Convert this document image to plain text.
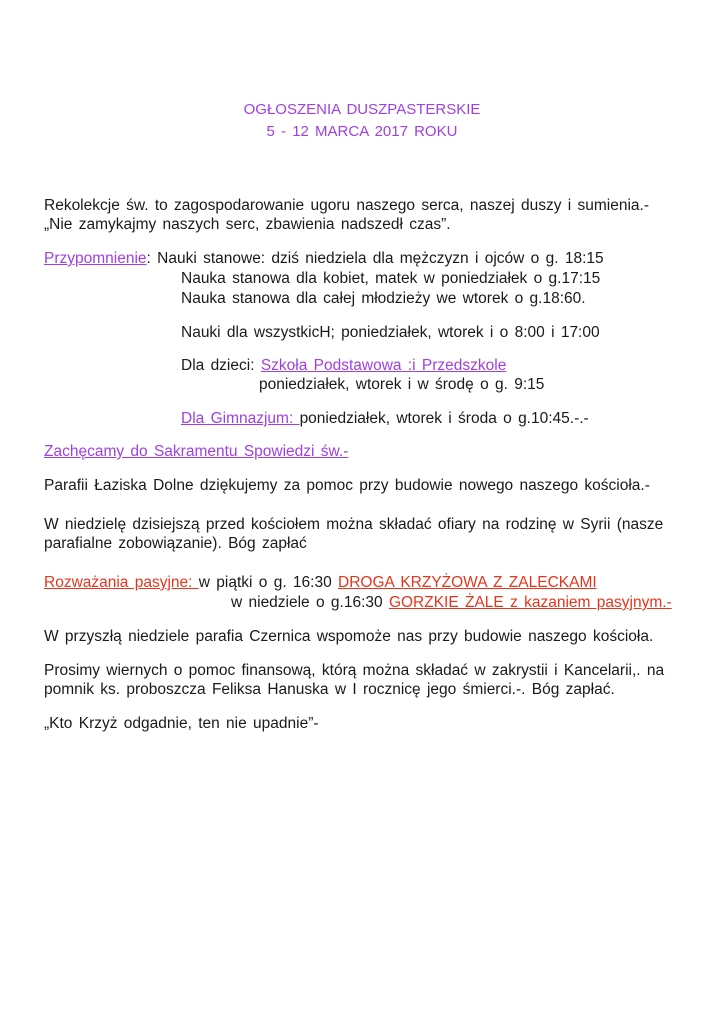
OGŁOSZENIA DUSZPASTERSKIE
5 - 12 MARCA 2017 ROKU
Rekolekcje św. to zagospodarowanie ugoru naszego serca, naszej duszy i sumienia.-
„Nie zamykajmy naszych serc, zbawienia nadszedł czas”.
Przypomnienie: Nauki stanowe: dziś niedziela dla mężczyzn i ojców o g. 18:15
Nauka stanowa dla kobiet, matek w poniedziałek o g.17:15
Nauka stanowa dla całej młodzieży we wtorek o g.18:60.
Nauki dla wszystkicH; poniedziałek, wtorek i o 8:00 i 17:00
Dla dzieci: Szkoła Podstawowa :i Przedszkole
poniedziałek, wtorek i w środę o g. 9:15
Dla Gimnazjum: poniedziałek, wtorek i środa o g.10:45.-.-
Zachęcamy do Sakramentu Spowiedzi św.-
Parafii Łaziska Dolne dziękujemy za pomoc przy budowie nowego naszego kościoła.-
W niedzielę dzisiejszą przed kościołem można składać ofiary na rodzinę w Syrii (nasze
parafialne zobowiązanie). Bóg zapłać
Rozważania pasyjne: w piątki o g. 16:30 DROGA KRZYŻOWA Z ZALECKAMI
w niedziele o g.16:30 GORZKIE ŻALE z kazaniem pasyjnym.-
W przyszłą niedziele parafia Czernica wspomoże nas przy budowie naszego kościoła.
Prosimy wiernych o pomoc finansową, którą można składać w zakrystii i Kancelarii,. na
pomnik ks. proboszcza Feliksa Hanuska w I rocznicę jego śmierci.-. Bóg zapłać.
„Kto Krzyż odgadnie, ten nie upadnie”-
